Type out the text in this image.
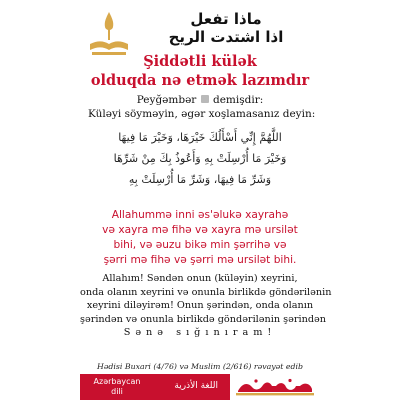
ماذا تفعل
اذا اشتدت الريح
Şiddətli külək
olduqda nə etmək lazımdır
Peyğəmbər demişdir:
Küləyi söyməyin, əgər xoşlamasanız deyin:
اللَّهُمَّ إِنِّي أَسْأَلُكَ خَيْرَهَا، وَخَيْرَ مَا فِيهَا
وَخَيْرَ مَا أُرْسِلَتْ بِهِ وَأَعُوذُ بِكَ مِنْ شَرِّهَا
وَشَرِّ مَا فِيهَا، وَشَرِّ مَا أُرْسِلَتْ بِهِ
Allahummə inni əs'əlukə xayrahə
və xayra mə fihə və xayra mə ursilət
bihi, və əuzu bikə min şərrihə və
şərri mə fihə və şərri mə ursilət bihi.
Allahım! Səndən onun (küləyin) xeyrini,
onda olanın xeyrini və onunla birlikdə göndərilənin
xeyrini diləyirəm! Onun şərindən, onda olanın
şərindən və onunla birlikdə göndərilənin şərindən
Sənə sığınıram!
Hədisi Buxari (4/76) və Muslim (2/616) rəvayət edib
Azərbaycan
dili
اللغة الأذرية
